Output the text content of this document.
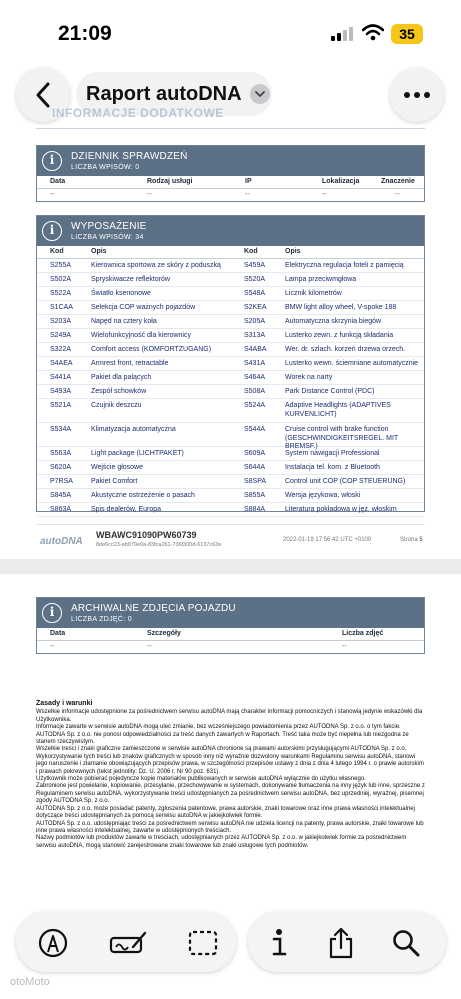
21:09	35
Raport autoDNA
INFORMACJE DODATKOWE
i	DZIENNIK SPRAWDZEŃ
LICZBA WPISÓW: 0
Data	Rodzaj usługi	IP	Lokalizacja	Znaczenie
--	--	--	--	--
i	WYPOSAŻENIE
LICZBA WPISÓW: 34
Kod	Opis	Kod	Opis
S255A	Kierownica sportowa ze skóry z poduszką	S459A	Elektryczna regulacja foteli z pamięcią
S502A	Spryskiwacze reflektorów	S520A	Lampa przeciwmgłowa
S522A	Światło ksenonowe	S548A	Licznik kilometrów
S1CAA	Selekcja COP ważnych pojazdów	S2KEA	BMW light alloy wheel, V-spoke 188
S203A	Napęd na cztery koła	S205A	Automatyczna skrzynia biegów
S249A	Wielofunkcyjność dla kierownicy	S313A	Lusterko zewn. z funkcją składania
S322A	Comfort access (KOMFORTZUGANG)	S4ABA	Wer. dr. szlach. korzeń drzewa orzech.
S4AEA	Armrest front, retractable	S431A	Lusterko wewn. ściemniane automatycznie
S441A	Pakiet dla palących	S464A	Worek na narty
S493A	Zespół schowków	S508A	Park Distance Control (PDC)
S521A	Czujnik deszczu	S524A	Adaptive Headlights (ADAPTIVES KURVENLICHT)
S534A	Klimatyzacja automatyczna	S544A	Cruise control with brake function (GESCHWINDIGKEITSREGEL. MIT BREMSF.)
S563A	Light package (LICHTPAKET)	S609A	System nawigacji Professional
S620A	Wejście głosowe	S644A	Instalacja tel. kom. z Bluetooth
P7RSA	Pakiet Comfort	S8SPA	Control unit COP (COP STEUERUNG)
S845A	Akustyczne ostrzeżenie o pasach	S855A	Wersja językowa, włoski
S863A	Spis dealerów, Europa	S884A	Literatura pokładowa w jęz. włoskim
autoDNA
WBAWC91090PW60739
8de6cc23-ab979e0a-83fca261-736f300d-6137c63e
2022-01-19 17:56:42 UTC +0100	Strona 5
i	ARCHIWALNE ZDJĘCIA POJAZDU
LICZBA ZDJĘĆ: 0
Data	Szczegóły	Liczba zdjęć
--	--	--
Zasady i warunki
Wszelkie informacje udostępnione za pośrednictwem serwisu autoDNA mają charakter informacji pomocniczych i stanowią jedynie wskazówki dla Użytkownika.
Informacje zawarte w serwisie autoDNA mogą ulec zmianie, bez wcześniejszego powiadomienia przez AUTODNA Sp. z o.o. o tym fakcie.
AUTODNA Sp. z o.o. nie ponosi odpowiedzialności za treść danych zawartych w Raportach. Treść taka może być niepełna lub niezgodna ze stanem rzeczywistym.
Wszelkie treści i znaki graficzne zamieszczone w serwisie autoDNA chronione są prawami autorskimi przysługującymi AUTODNA Sp. z o.o.
Wykorzystywanie tych treści lub znaków graficznych w sposób inny niż wyraźnie dozwolony warunkami Regulaminu serwisu autoDNA, stanowi jego naruszenie i złamanie obowiązujących przepisów prawa, w szczególności przepisów ustawy z dnia z dnia 4 lutego 1994 r. o prawie autorskim i prawach pokrewnych (tekst jednolity: Dz. U. 2006 r. Nr 90 poz. 631).
Użytkownik może pobierać pojedyncze kopie materiałów publikowanych w serwisie autoDNA wyłącznie do użytku własnego.
Zabronione jest powielanie, kopiowanie, przesyłanie, przechowywanie w systemach, dokonywanie tłumaczenia na inny język lub inne, sprzeczne z Regulaminem serwisu autoDNA, wykorzystywanie treści udostępnianych za pośrednictwem serwisu autoDNA, bez uprzedniej, wyraźnej, pisemnej zgody AUTODNA Sp. z o.o.
AUTODNA Sp. z o.o. może posiadać patenty, zgłoszenia patentowe, prawa autorskie, znaki towarowe oraz inne prawa własności intelektualnej dotyczące treści udostępnianych za pomocą serwisu autoDNA w jakiejkolwiek formie.
AUTODNA Sp. z o.o. udostępniając treści za pośrednictwem serwisu autoDNA nie udziela licencji na patenty, prawa autorskie, znaki towarowe lub inne prawa własności intelektualnej, zawarte w udostępnionych treściach.
Nazwy podmiotów lub produktów zawarte w treściach, udostępnianych przez AUTODNA Sp. z o.o. w jakiejkolwiek formie za pośrednictwem serwisu autoDNA, mogą stanowić zarejestrowane znaki towarowe lub znaki usługowe tych podmiotów.
otoMoto
